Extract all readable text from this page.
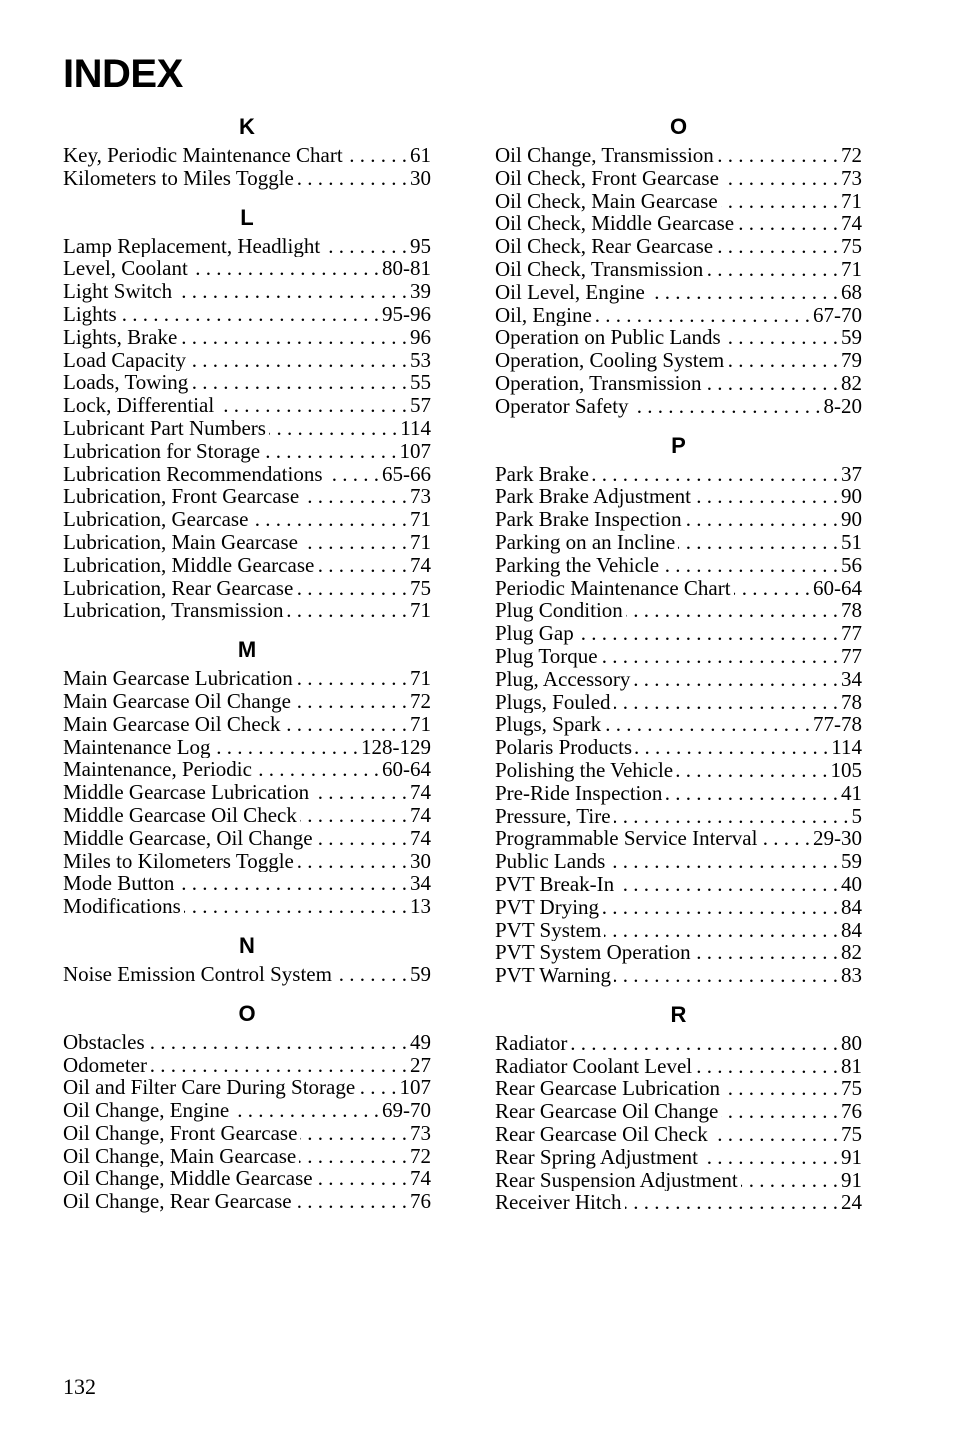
INDEX
K
Key, Periodic Maintenance Chart . . .	61
Kilometers to Miles Toggle . . .	30
L
Lamp Replacement, Headlight . . .	95
Level, Coolant . . .	80-81
Light Switch . . .	39
Lights . . .	95-96
Lights, Brake . . .	96
Load Capacity . . .	53
Loads, Towing . . .	55
Lock, Differential . . .	57
Lubricant Part Numbers . . .	114
Lubrication for Storage . . .	107
Lubrication Recommendations . . .	65-66
Lubrication, Front Gearcase . . .	73
Lubrication, Gearcase . . .	71
Lubrication, Main Gearcase . . .	71
Lubrication, Middle Gearcase . . .	74
Lubrication, Rear Gearcase . . .	75
Lubrication, Transmission . . .	71
M
Main Gearcase Lubrication . . .	71
Main Gearcase Oil Change . . .	72
Main Gearcase Oil Check . . .	71
Maintenance Log . . .	128-129
Maintenance, Periodic . . .	60-64
Middle Gearcase Lubrication . . .	74
Middle Gearcase Oil Check . . .	74
Middle Gearcase, Oil Change . . .	74
Miles to Kilometers Toggle . . .	30
Mode Button . . .	34
Modifications . . .	13
N
Noise Emission Control System . . .	59
O
Obstacles . . .	49
Odometer . . .	27
Oil and Filter Care During Storage . . . 107
Oil Change, Engine . . .	69-70
Oil Change, Front Gearcase . . .	73
Oil Change, Main Gearcase . . .	72
Oil Change, Middle Gearcase . . .	74
Oil Change, Rear Gearcase . . .	76
O
Oil Change, Transmission . . .	72
Oil Check, Front Gearcase . . .	73
Oil Check, Main Gearcase . . .	71
Oil Check, Middle Gearcase . . .	74
Oil Check, Rear Gearcase . . .	75
Oil Check, Transmission . . .	71
Oil Level, Engine . . .	68
Oil, Engine . . .	67-70
Operation on Public Lands . . .	59
Operation, Cooling System . . .	79
Operation, Transmission . . .	82
Operator Safety . . .	8-20
P
Park Brake . . .	37
Park Brake Adjustment . . .	90
Park Brake Inspection . . .	90
Parking on an Incline . . .	51
Parking the Vehicle . . .	56
Periodic Maintenance Chart . . .	60-64
Plug Condition . . .	78
Plug Gap . . .	77
Plug Torque . . .	77
Plug, Accessory . . .	34
Plugs, Fouled . . .	78
Plugs, Spark . . .	77-78
Polaris Products . . .	114
Polishing the Vehicle . . .	105
Pre-Ride Inspection . . .	41
Pressure, Tire . . .	5
Programmable Service Interval . . .	29-30
Public Lands . . .	59
PVT Break-In . . .	40
PVT Drying . . .	84
PVT System . . .	84
PVT System Operation . . .	82
PVT Warning . . .	83
R
Radiator . . .	80
Radiator Coolant Level . . .	81
Rear Gearcase Lubrication . . .	75
Rear Gearcase Oil Change . . .	76
Rear Gearcase Oil Check . . .	75
Rear Spring Adjustment . . .	91
Rear Suspension Adjustment . . .	91
Receiver Hitch . . .	24
132
